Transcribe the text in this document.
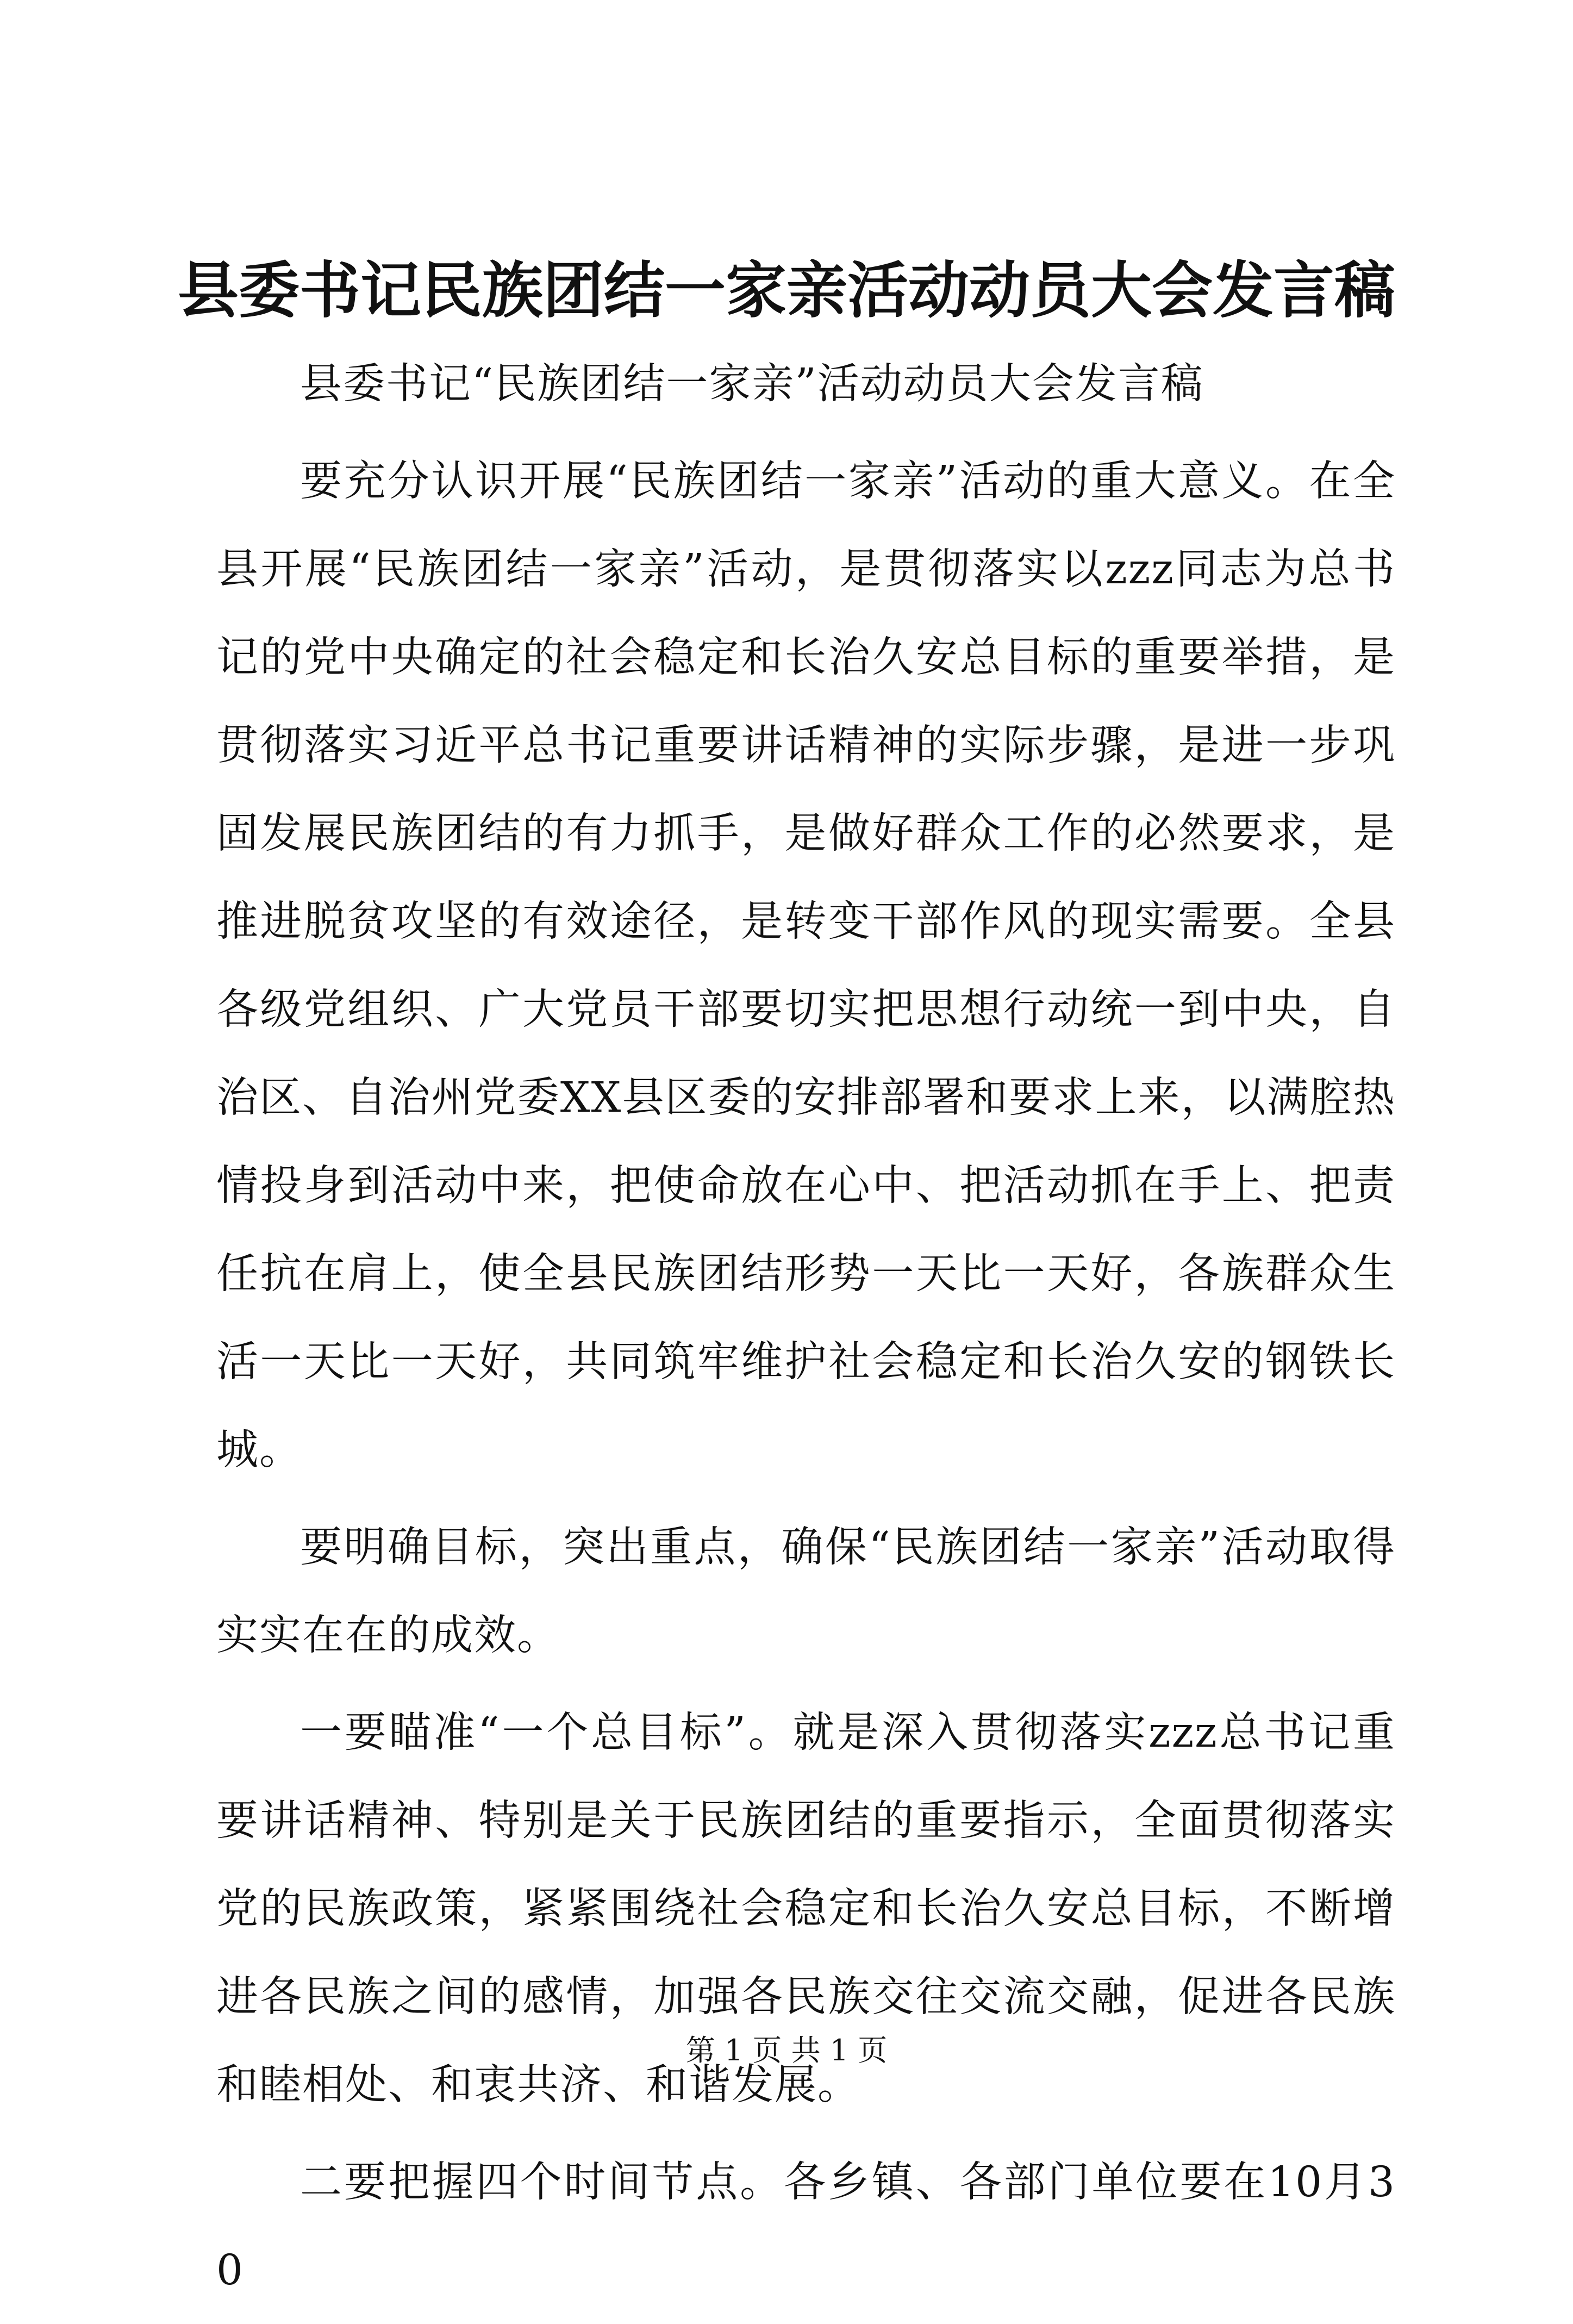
县委书记民族团结一家亲活动动员大会发言稿

县委书记“民族团结一家亲”活动动员大会发言稿

要充分认识开展“民族团结一家亲”活动的重大意义。在全县开展“民族团结一家亲”活动，是贯彻落实以zzz同志为总书记的党中央确定的社会稳定和长治久安总目标的重要举措，是贯彻落实习近平总书记重要讲话精神的实际步骤，是进一步巩固发展民族团结的有力抓手，是做好群众工作的必然要求，是推进脱贫攻坚的有效途径，是转变干部作风的现实需要。全县各级党组织、广大党员干部要切实把思想行动统一到中央，自治区、自治州党委XX县区委的安排部署和要求上来，以满腔热情投身到活动中来，把使命放在心中、把活动抓在手上、把责任抗在肩上，使全县民族团结形势一天比一天好，各族群众生活一天比一天好，共同筑牢维护社会稳定和长治久安的钢铁长城。

要明确目标，突出重点，确保“民族团结一家亲”活动取得实实在在的成效。

一要瞄准“一个总目标”。就是深入贯彻落实zzz总书记重要讲话精神、特别是关于民族团结的重要指示，全面贯彻落实党的民族政策，紧紧围绕社会稳定和长治久安总目标，不断增进各民族之间的感情，加强各民族交往交流交融，促进各民族和睦相处、和衷共济、和谐发展。

二要把握四个时间节点。各乡镇、各部门单位要在10月30

第 1 页 共 1 页
